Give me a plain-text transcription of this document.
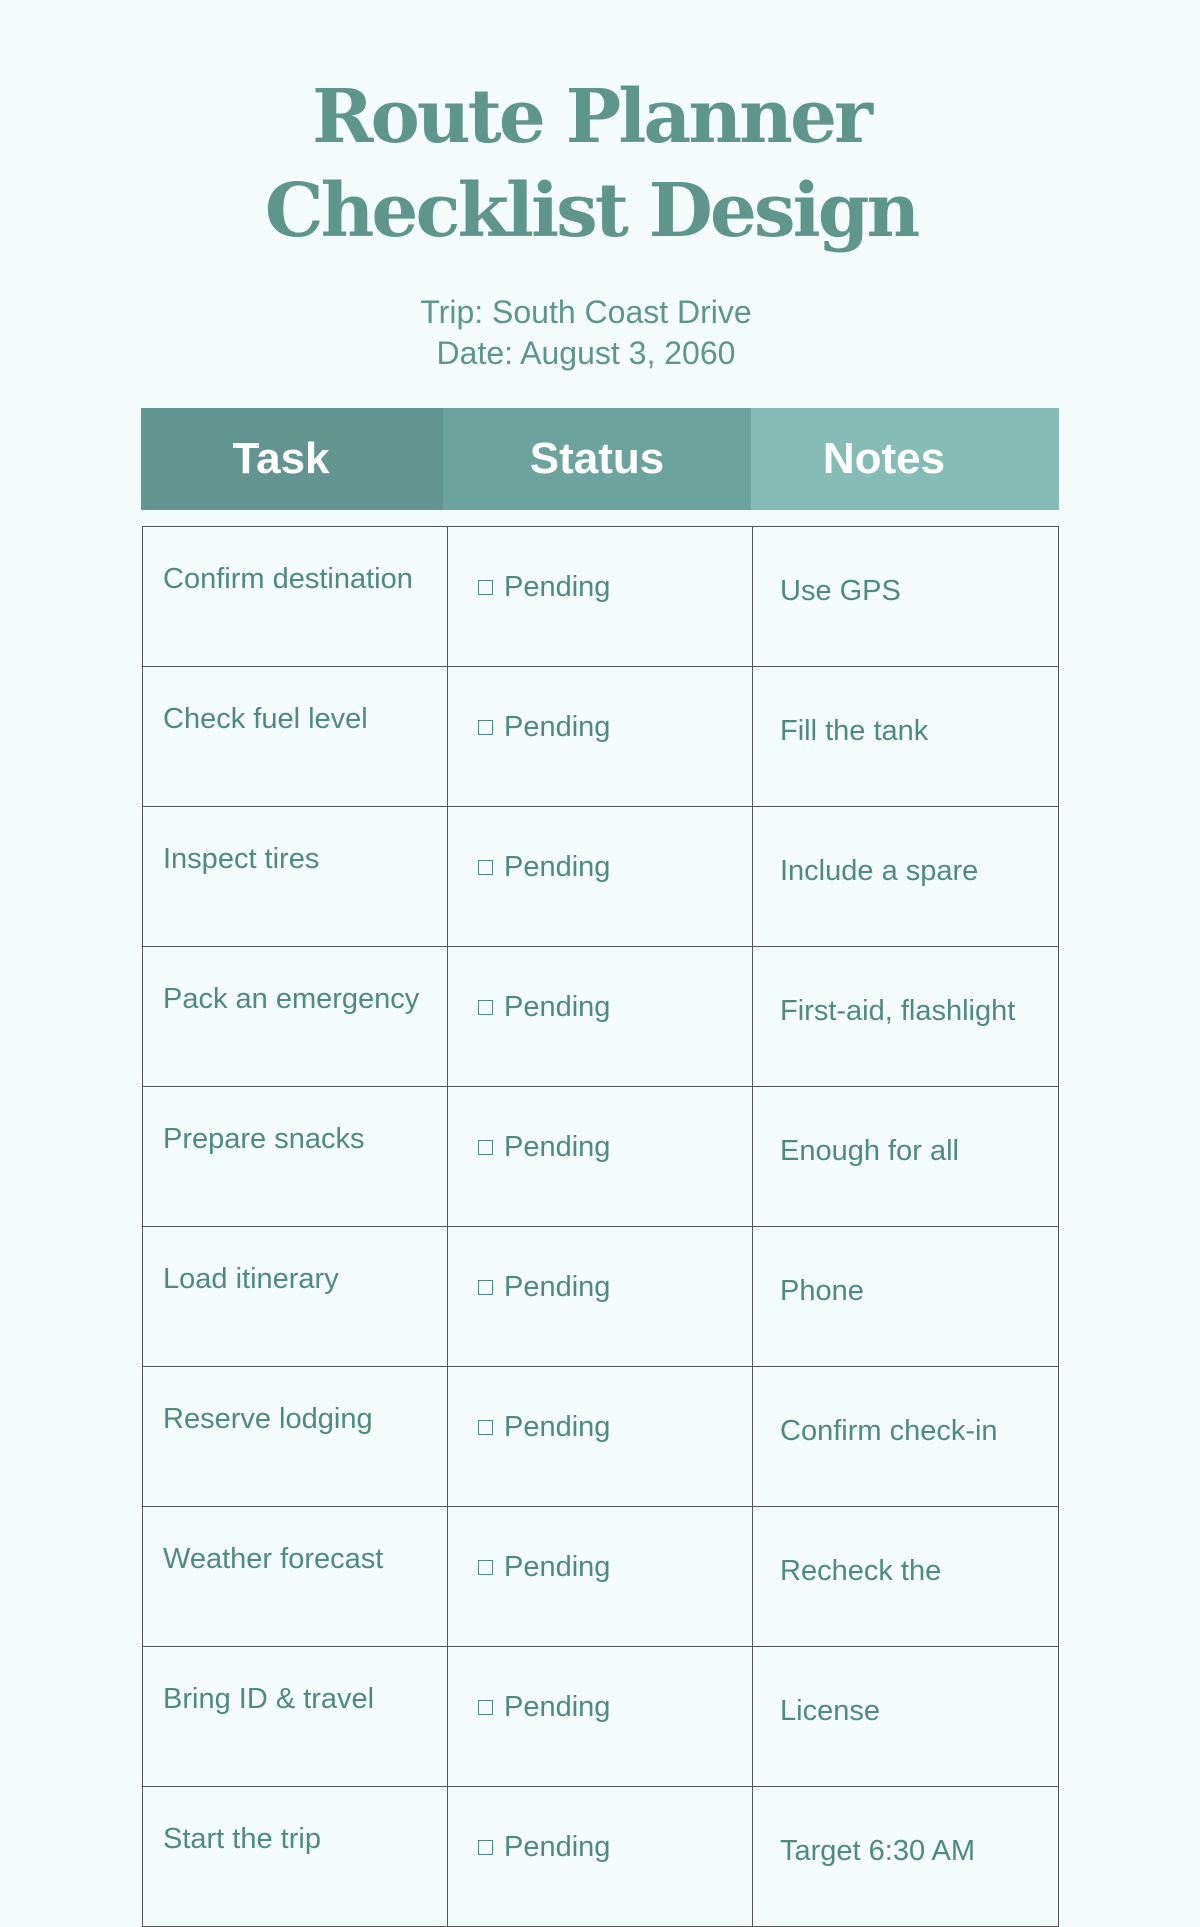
Route Planner
Checklist Design
Trip: South Coast Drive
Date: August 3, 2060
Task	Status	Notes
Confirm destination	Pending	Use GPS
Check fuel level	Pending	Fill the tank
Inspect tires	Pending	Include a spare
Pack an emergency	Pending	First-aid, flashlight
Prepare snacks	Pending	Enough for all
Load itinerary	Pending	Phone
Reserve lodging	Pending	Confirm check-in
Weather forecast	Pending	Recheck the
Bring ID & travel	Pending	License
Start the trip	Pending	Target 6:30 AM
